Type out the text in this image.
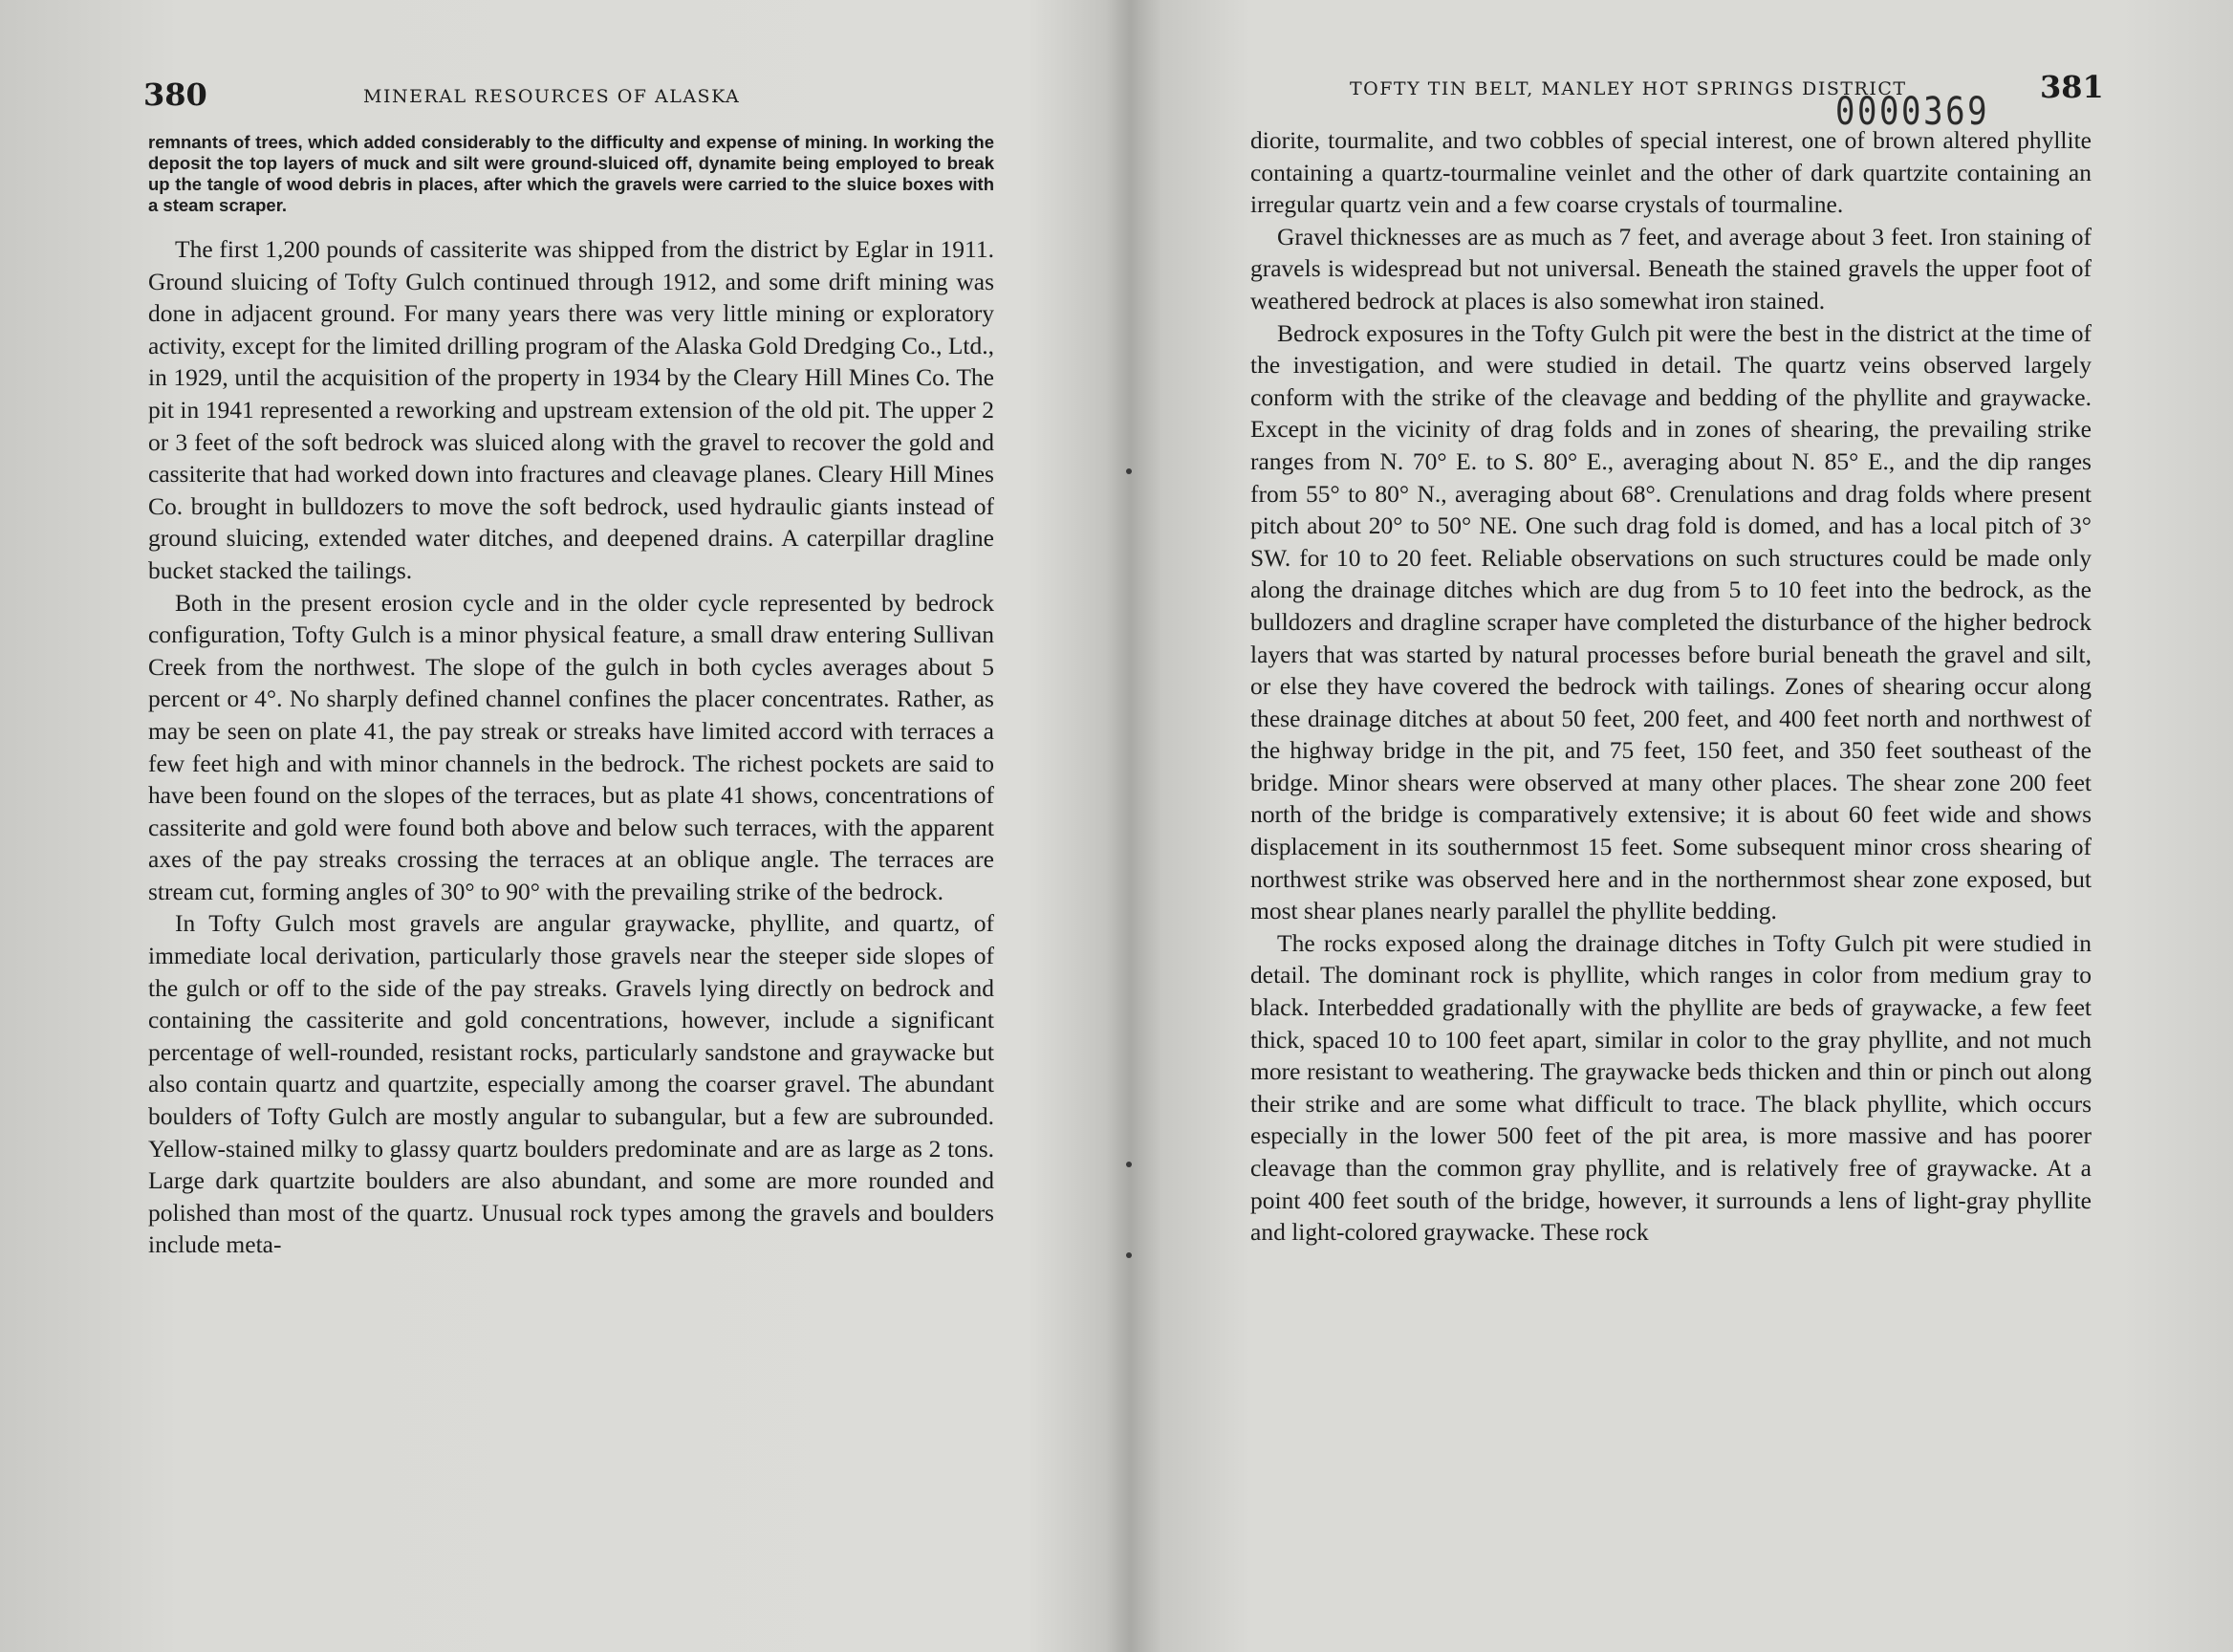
380	MINERAL RESOURCES OF ALASKA
remnants of trees, which added considerably to the difficulty and expense of mining. In working the deposit the top layers of muck and silt were ground-sluiced off, dynamite being employed to break up the tangle of wood debris in places, after which the gravels were carried to the sluice boxes with a steam scraper.

The first 1,200 pounds of cassiterite was shipped from the district by Eglar in 1911. Ground sluicing of Tofty Gulch continued through 1912, and some drift mining was done in adjacent ground. For many years there was very little mining or exploratory activity, except for the limited drilling program of the Alaska Gold Dredging Co., Ltd., in 1929, until the acquisition of the property in 1934 by the Cleary Hill Mines Co. The pit in 1941 represented a reworking and upstream extension of the old pit. The upper 2 or 3 feet of the soft bedrock was sluiced along with the gravel to recover the gold and cassiterite that had worked down into fractures and cleavage planes. Cleary Hill Mines Co. brought in bulldozers to move the soft bedrock, used hydraulic giants instead of ground sluicing, extended water ditches, and deepened drains. A caterpillar dragline bucket stacked the tailings.

Both in the present erosion cycle and in the older cycle represented by bedrock configuration, Tofty Gulch is a minor physical feature, a small draw entering Sullivan Creek from the northwest. The slope of the gulch in both cycles averages about 5 percent or 4°. No sharply defined channel confines the placer concentrates. Rather, as may be seen on plate 41, the pay streak or streaks have limited accord with terraces a few feet high and with minor channels in the bedrock. The richest pockets are said to have been found on the slopes of the terraces, but as plate 41 shows, concentrations of cassiterite and gold were found both above and below such terraces, with the apparent axes of the pay streaks crossing the terraces at an oblique angle. The terraces are stream cut, forming angles of 30° to 90° with the prevailing strike of the bedrock.

In Tofty Gulch most gravels are angular graywacke, phyllite, and quartz, of immediate local derivation, particularly those gravels near the steeper side slopes of the gulch or off to the side of the pay streaks. Gravels lying directly on bedrock and containing the cassiterite and gold concentrations, however, include a significant percentage of well-rounded, resistant rocks, particularly sandstone and graywacke but also contain quartz and quartzite, especially among the coarser gravel. The abundant boulders of Tofty Gulch are mostly angular to subangular, but a few are subrounded. Yellow-stained milky to glassy quartz boulders predominate and are as large as 2 tons. Large dark quartzite boulders are also abundant, and some are more rounded and polished than most of the quartz. Unusual rock types among the gravels and boulders include meta-

TOFTY TIN BELT, MANLEY HOT SPRINGS DISTRICT	381
0000369

diorite, tourmalite, and two cobbles of special interest, one of brown altered phyllite containing a quartz-tourmaline veinlet and the other of dark quartzite containing an irregular quartz vein and a few coarse crystals of tourmaline.

Gravel thicknesses are as much as 7 feet, and average about 3 feet. Iron staining of gravels is widespread but not universal. Beneath the stained gravels the upper foot of weathered bedrock at places is also somewhat iron stained.

Bedrock exposures in the Tofty Gulch pit were the best in the district at the time of the investigation, and were studied in detail. The quartz veins observed largely conform with the strike of the cleavage and bedding of the phyllite and graywacke. Except in the vicinity of drag folds and in zones of shearing, the prevailing strike ranges from N. 70° E. to S. 80° E., averaging about N. 85° E., and the dip ranges from 55° to 80° N., averaging about 68°. Crenulations and drag folds where present pitch about 20° to 50° NE. One such drag fold is domed, and has a local pitch of 3° SW. for 10 to 20 feet. Reliable observations on such structures could be made only along the drainage ditches which are dug from 5 to 10 feet into the bedrock, as the bulldozers and dragline scraper have completed the disturbance of the higher bedrock layers that was started by natural processes before burial beneath the gravel and silt, or else they have covered the bedrock with tailings. Zones of shearing occur along these drainage ditches at about 50 feet, 200 feet, and 400 feet north and northwest of the highway bridge in the pit, and 75 feet, 150 feet, and 350 feet southeast of the bridge. Minor shears were observed at many other places. The shear zone 200 feet north of the bridge is comparatively extensive; it is about 60 feet wide and shows displacement in its southernmost 15 feet. Some subsequent minor cross shearing of northwest strike was observed here and in the northernmost shear zone exposed, but most shear planes nearly parallel the phyllite bedding.

The rocks exposed along the drainage ditches in Tofty Gulch pit were studied in detail. The dominant rock is phyllite, which ranges in color from medium gray to black. Interbedded gradationally with the phyllite are beds of graywacke, a few feet thick, spaced 10 to 100 feet apart, similar in color to the gray phyllite, and not much more resistant to weathering. The graywacke beds thicken and thin or pinch out along their strike and are some what difficult to trace. The black phyllite, which occurs especially in the lower 500 feet of the pit area, is more massive and has poorer cleavage than the common gray phyllite, and is relatively free of graywacke. At a point 400 feet south of the bridge, however, it surrounds a lens of light-gray phyllite and light-colored graywacke. These rock
